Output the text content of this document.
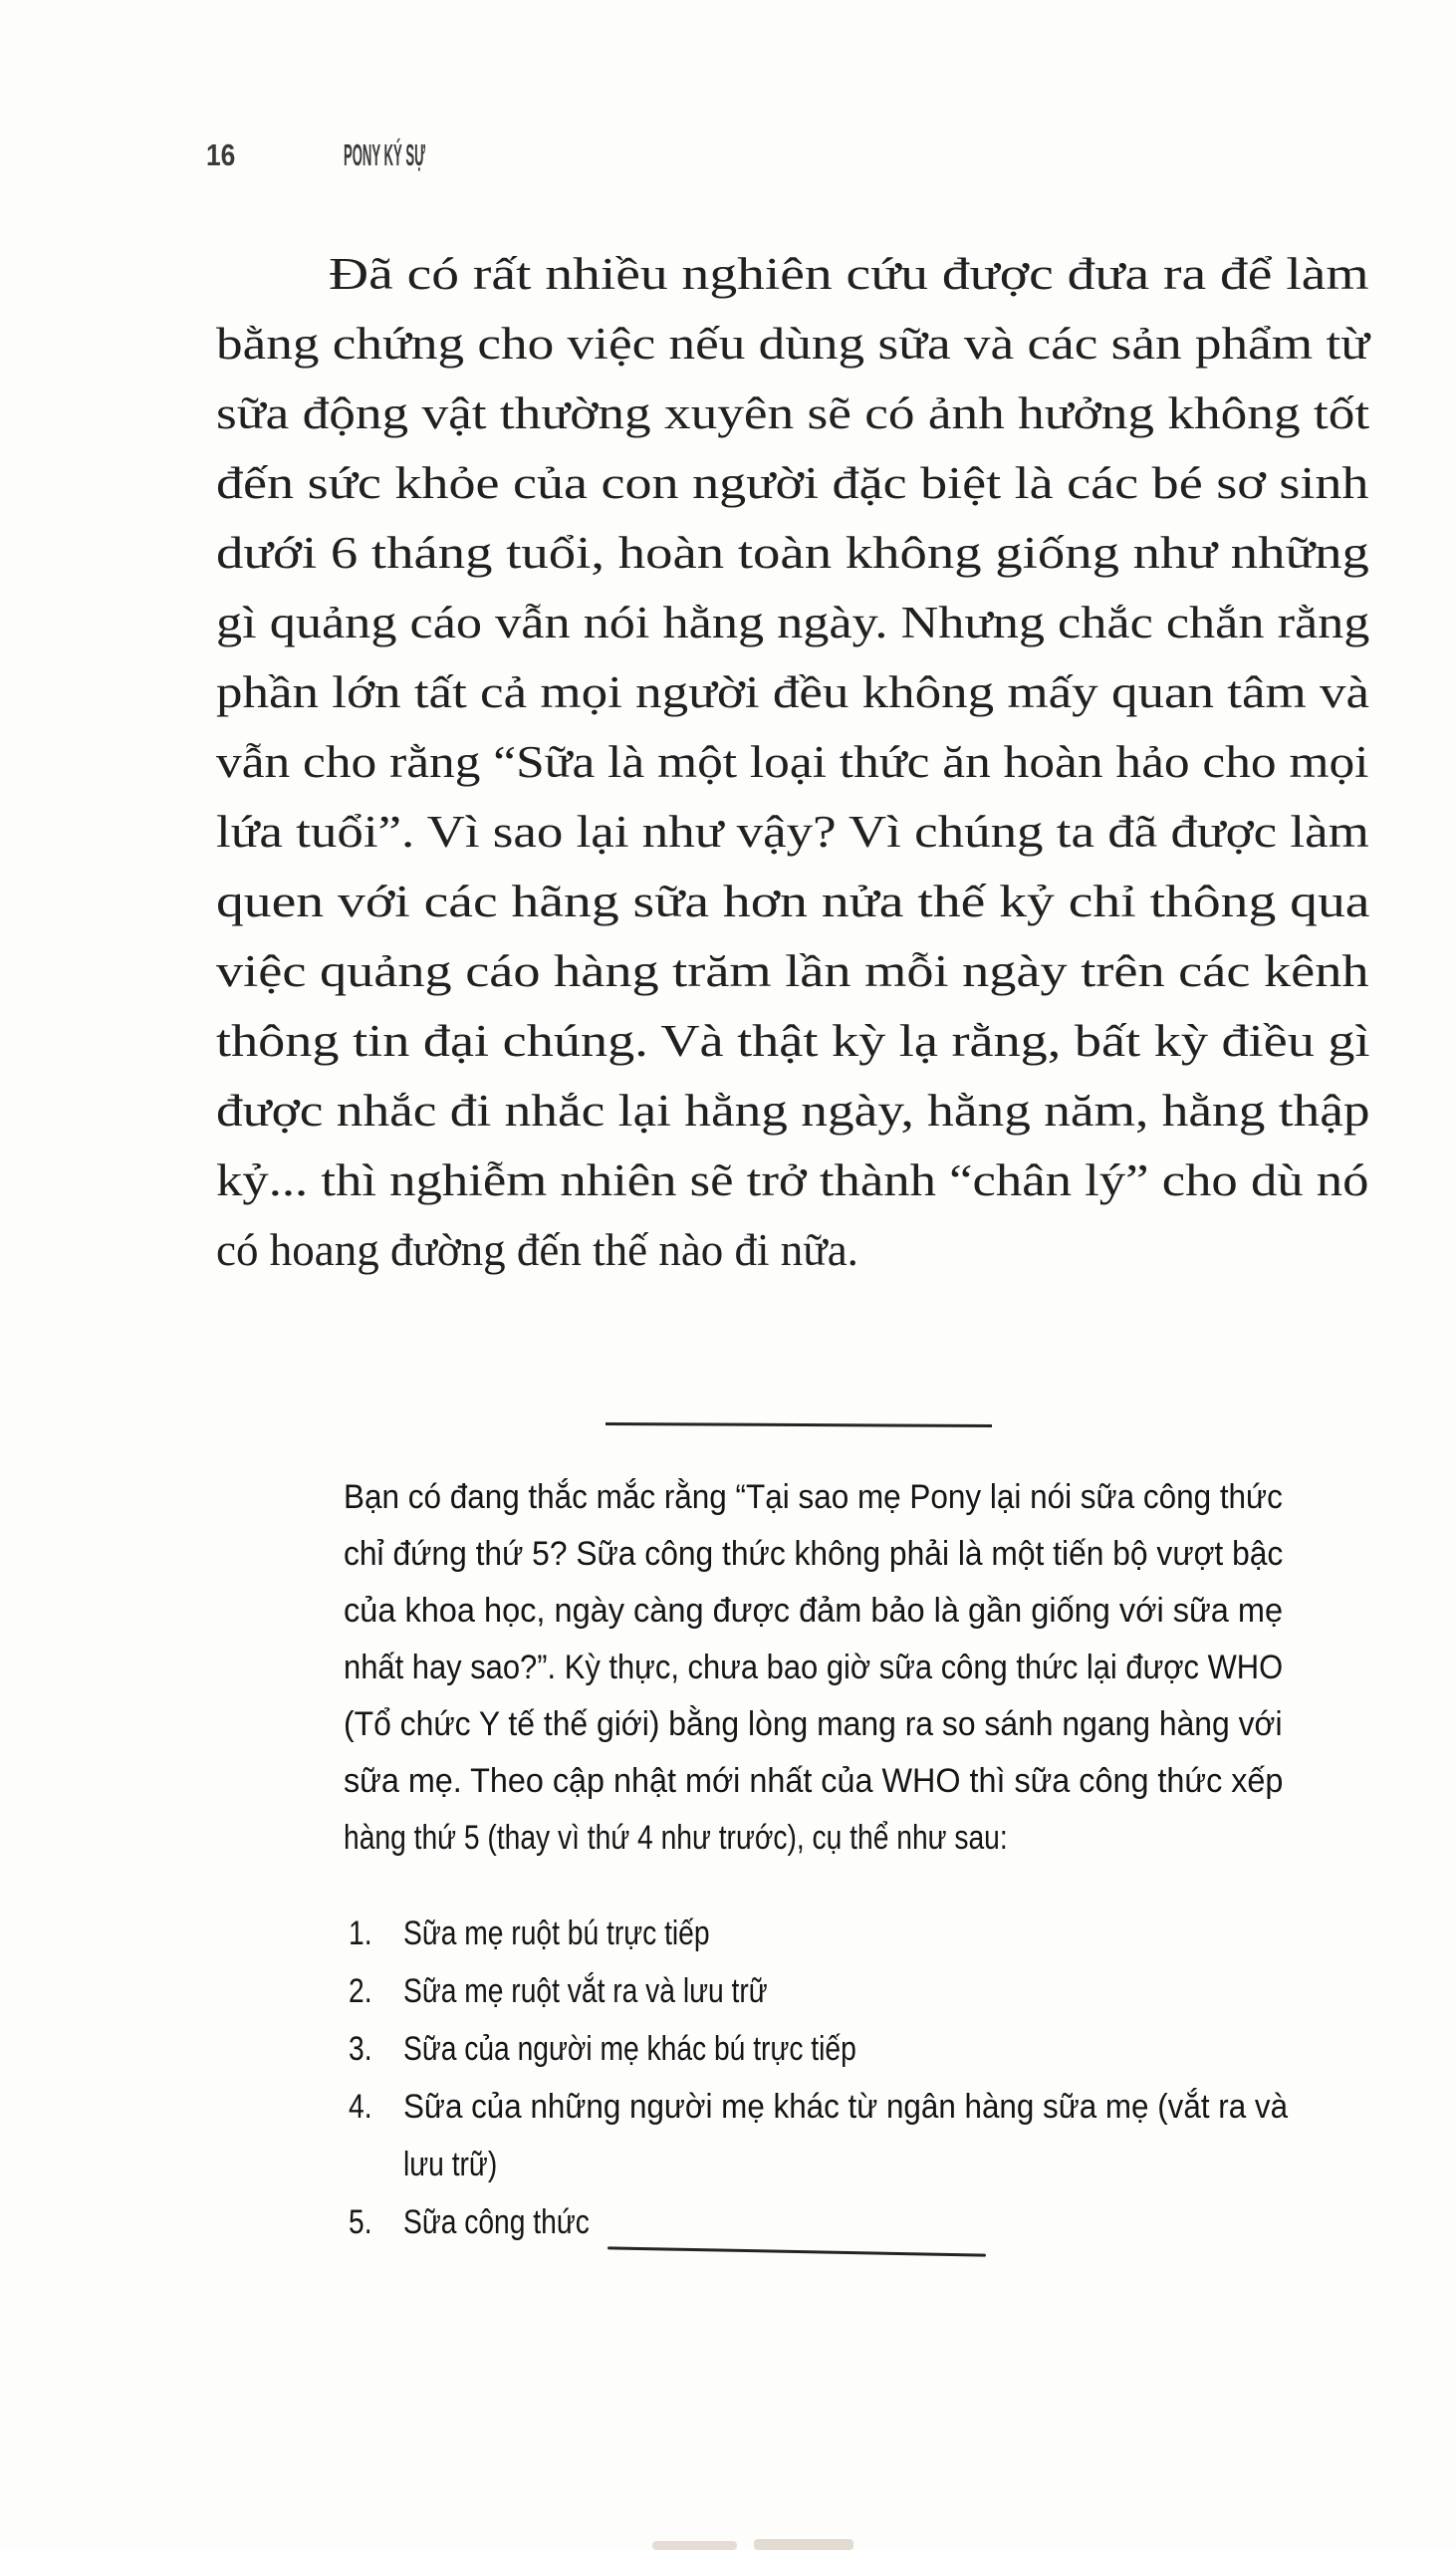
16	PONY KÝ SỰ
Đã có rất nhiều nghiên cứu được đưa ra để làm
bằng chứng cho việc nếu dùng sữa và các sản phẩm từ
sữa động vật thường xuyên sẽ có ảnh hưởng không tốt
đến sức khỏe của con người đặc biệt là các bé sơ sinh
dưới 6 tháng tuổi, hoàn toàn không giống như những
gì quảng cáo vẫn nói hằng ngày. Nhưng chắc chắn rằng
phần lớn tất cả mọi người đều không mấy quan tâm và
vẫn cho rằng “Sữa là một loại thức ăn hoàn hảo cho mọi
lứa tuổi”. Vì sao lại như vậy? Vì chúng ta đã được làm
quen với các hãng sữa hơn nửa thế kỷ chỉ thông qua
việc quảng cáo hàng trăm lần mỗi ngày trên các kênh
thông tin đại chúng. Và thật kỳ lạ rằng, bất kỳ điều gì
được nhắc đi nhắc lại hằng ngày, hằng năm, hằng thập
kỷ... thì nghiễm nhiên sẽ trở thành “chân lý” cho dù nó
có hoang đường đến thế nào đi nữa.
Bạn có đang thắc mắc rằng “Tại sao mẹ Pony lại nói sữa công thức
chỉ đứng thứ 5? Sữa công thức không phải là một tiến bộ vượt bậc
của khoa học, ngày càng được đảm bảo là gần giống với sữa mẹ
nhất hay sao?”. Kỳ thực, chưa bao giờ sữa công thức lại được WHO
(Tổ chức Y tế thế giới) bằng lòng mang ra so sánh ngang hàng với
sữa mẹ. Theo cập nhật mới nhất của WHO thì sữa công thức xếp
hàng thứ 5 (thay vì thứ 4 như trước), cụ thể như sau:
1. Sữa mẹ ruột bú trực tiếp
2. Sữa mẹ ruột vắt ra và lưu trữ
3. Sữa của người mẹ khác bú trực tiếp
4. Sữa của những người mẹ khác từ ngân hàng sữa mẹ (vắt ra và
lưu trữ)
5. Sữa công thức
